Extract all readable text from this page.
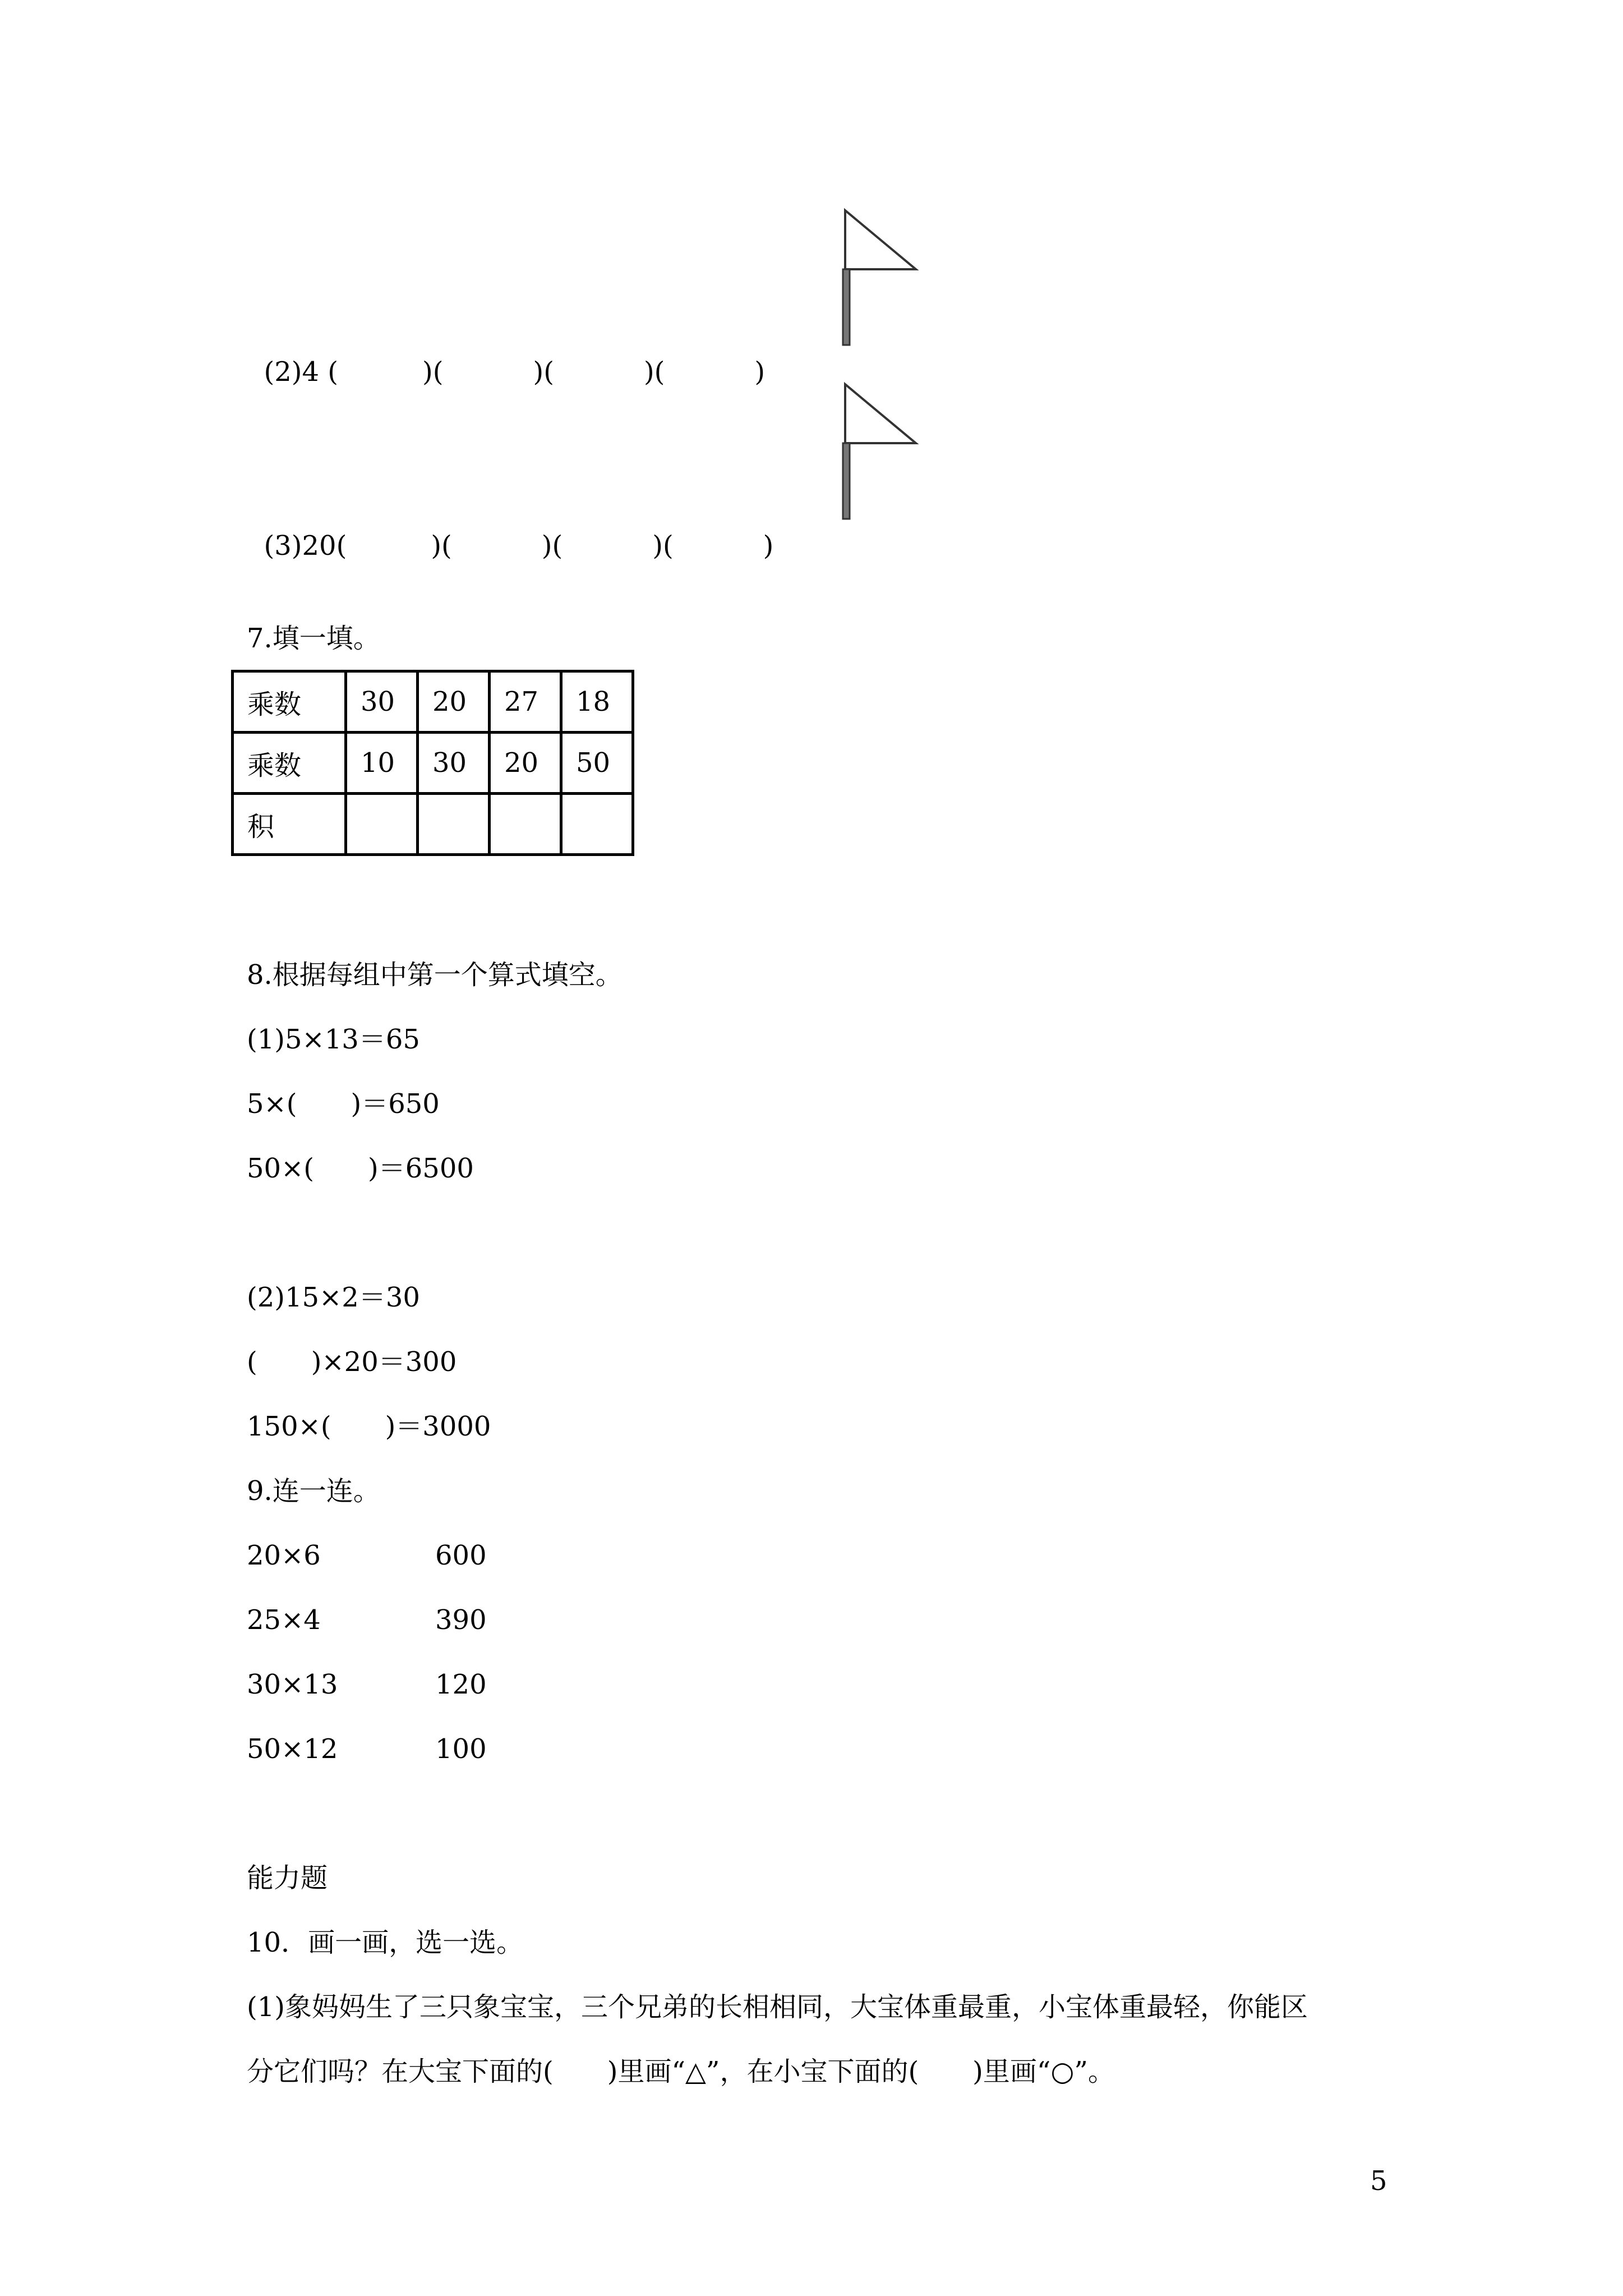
(2)4 (	)(	)(	)(	)

(3)20(	)(	)(	)(	)

7.填一填。
乘数	30	20	27	18
乘数	10	30	20	50
积				
8.根据每组中第一个算式填空。
(1)5×13＝65
5×(　　)＝650
50×(　　)＝6500
(2)15×2＝30
(　　)×20＝300
150×(　　)＝3000
9.连一连。
20×6	600
25×4	390
30×13	120
50×12	100
能力题
10．画一画，选一选。
(1)象妈妈生了三只象宝宝，三个兄弟的长相相同，大宝体重最重，小宝体重最轻，你能区
分它们吗？在大宝下面的(　　)里画“△”，在小宝下面的(　　)里画“○”。
5
